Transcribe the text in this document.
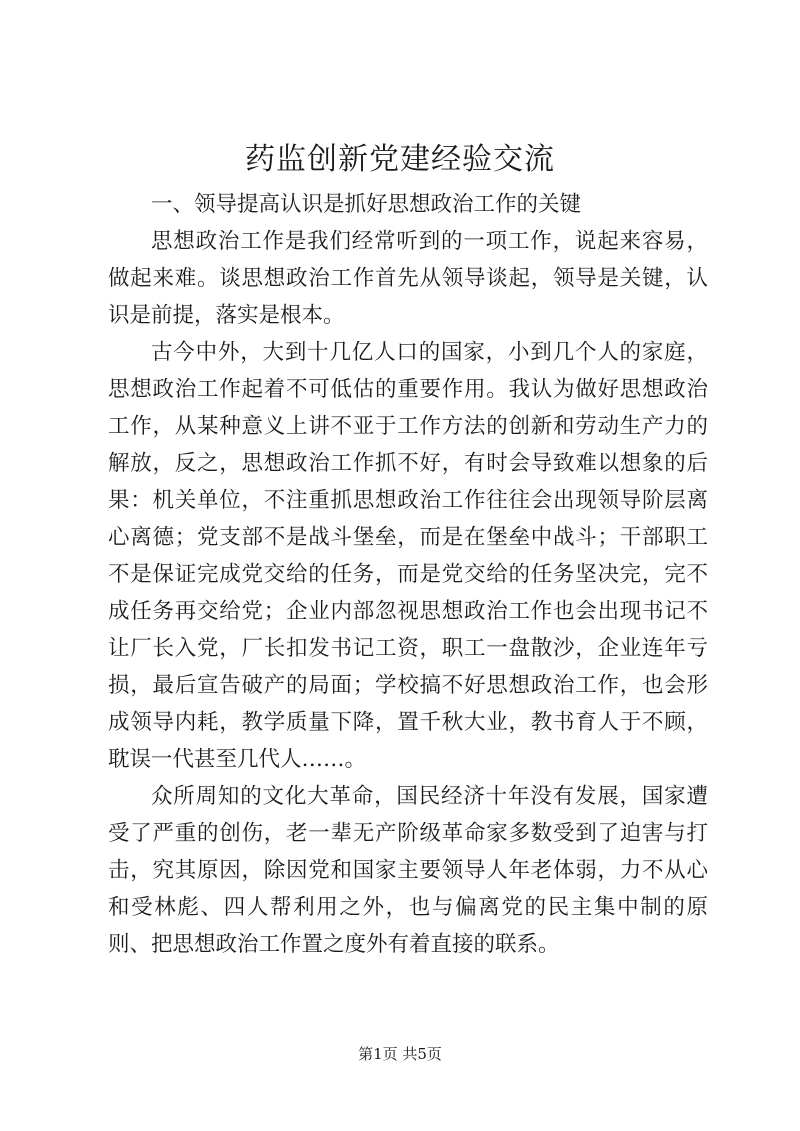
药监创新党建经验交流

一、领导提高认识是抓好思想政治工作的关键

思想政治工作是我们经常听到的一项工作，说起来容易，做起来难。谈思想政治工作首先从领导谈起，领导是关键，认识是前提，落实是根本。

古今中外，大到十几亿人口的国家，小到几个人的家庭，思想政治工作起着不可低估的重要作用。我认为做好思想政治工作，从某种意义上讲不亚于工作方法的创新和劳动生产力的解放，反之，思想政治工作抓不好，有时会导致难以想象的后果：机关单位，不注重抓思想政治工作往往会出现领导阶层离心离德；党支部不是战斗堡垒，而是在堡垒中战斗；干部职工不是保证完成党交给的任务，而是党交给的任务坚决完，完不成任务再交给党；企业内部忽视思想政治工作也会出现书记不让厂长入党，厂长扣发书记工资，职工一盘散沙，企业连年亏损，最后宣告破产的局面；学校搞不好思想政治工作，也会形成领导内耗，教学质量下降，置千秋大业，教书育人于不顾，耽误一代甚至几代人……。

众所周知的文化大革命，国民经济十年没有发展，国家遭受了严重的创伤，老一辈无产阶级革命家多数受到了迫害与打击，究其原因，除因党和国家主要领导人年老体弱，力不从心和受林彪、四人帮利用之外，也与偏离党的民主集中制的原则、把思想政治工作置之度外有着直接的联系。

第1页 共5页
